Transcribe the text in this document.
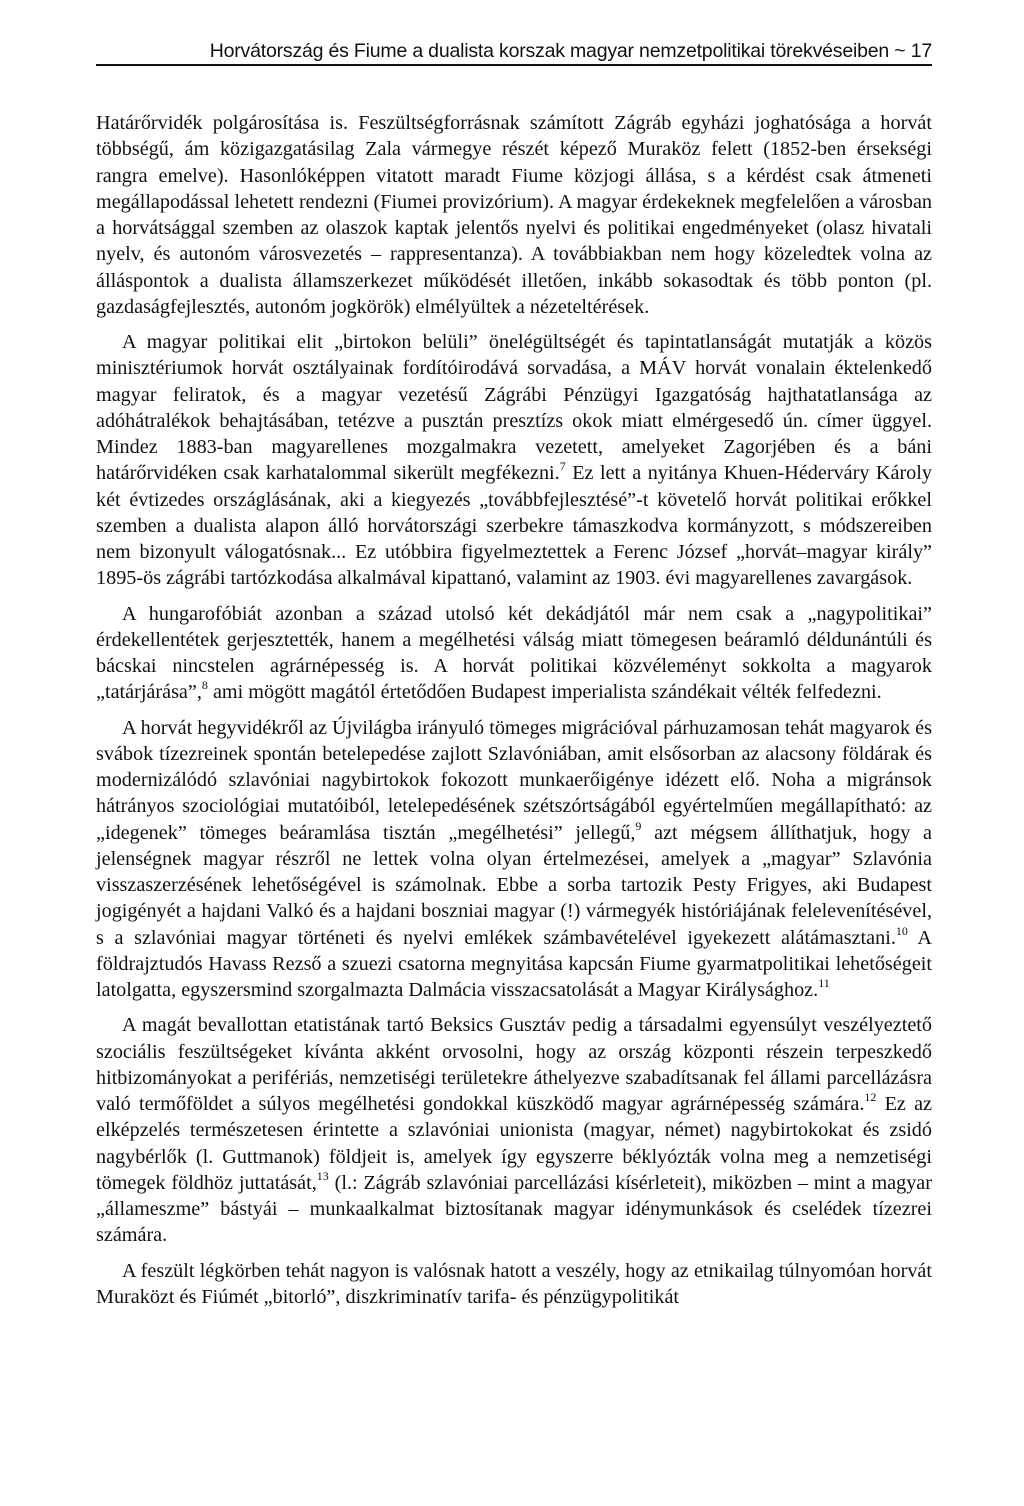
Horvátország és Fiume a dualista korszak magyar nemzetpolitikai törekvéseiben ~ 17

Határőrvidék polgárosítása is. Feszültségforrásnak számított Zágráb egyházi joghatósága a horvát többségű, ám közigazgatásilag Zala vármegye részét képező Muraköz felett (1852-ben érsekségi rangra emelve). Hasonlóképpen vitatott maradt Fiume közjogi állása, s a kérdést csak átmeneti megállapodással lehetett rendezni (Fiumei provizórium). A magyar érdekeknek megfelelően a városban a horvátsággal szemben az olaszok kaptak jelentős nyelvi és politikai engedményeket (olasz hivatali nyelv, és autonóm városvezetés – rappresentanza). A továbbiakban nem hogy közeledtek volna az álláspontok a dualista államszerkezet működését illetően, inkább sokasodtak és több ponton (pl. gazdaságfejlesztés, autonóm jogkörök) elmélyültek a nézeteltérések.

A magyar politikai elit „birtokon belüli” önelégültségét és tapintatlanságát mutatják a közös minisztériumok horvát osztályainak fordítóirodává sorvadása, a MÁV horvát vonalain éktelenkedő magyar feliratok, és a magyar vezetésű Zágrábi Pénzügyi Igazgatóság hajthatatlansága az adóhátralékok behajtásában, tetézve a pusztán presztízs okok miatt elmérgesedő ún. címer üggyel. Mindez 1883-ban magyarellenes mozgalmakra vezetett, amelyeket Zagorjében és a báni határőrvidéken csak karhatalommal sikerült megfékezni.$^7$ Ez lett a nyitánya Khuen-Héderváry Károly két évtizedes országlásának, aki a kiegyezés „továbbfejlesztésé”-t követelő horvát politikai erőkkel szemben a dualista alapon álló horvátországi szerbekre támaszkodva kormányzott, s módszereiben nem bizonyult válogatósnak... Ez utóbbira figyelmeztettek a Ferenc József „horvát–magyar király” 1895-ös zágrábi tartózkodása alkalmával kipattanó, valamint az 1903. évi magyarellenes zavargások.

A hungarofóbiát azonban a század utolsó két dekádjától már nem csak a „nagypolitikai” érdekellentétek gerjesztették, hanem a megélhetési válság miatt tömegesen beáramló déldunántúli és bácskai nincstelen agrárnépesség is. A horvát politikai közvéleményt sokkolta a magyarok „tatárjárása”,$^8$ ami mögött magától értetődően Budapest imperialista szándékait vélték felfedezni.

A horvát hegyvidékről az Újvilágba irányuló tömeges migrációval párhuzamosan tehát magyarok és svábok tízezreinek spontán betelepedése zajlott Szlavóniában, amit elsősorban az alacsony földárak és modernizálódó szlavóniai nagybirtokok fokozott munkaerőigénye idézett elő. Noha a migránsok hátrányos szociológiai mutatóiból, letelepedésének szétszórtságából egyértelműen megállapítható: az „idegenek” tömeges beáramlása tisztán „megélhetési” jellegű,$^9$ azt mégsem állíthatjuk, hogy a jelenségnek magyar részről ne lettek volna olyan értelmezései, amelyek a „magyar” Szlavónia visszaszerzésének lehetőségével is számolnak. Ebbe a sorba tartozik Pesty Frigyes, aki Budapest jogigényét a hajdani Valkó és a hajdani boszniai magyar (!) vármegyék históriájának felelevenítésével, s a szlavóniai magyar történeti és nyelvi emlékek számbavételével igyekezett alátámasztani.$^{10}$ A földrajztudós Havass Rezső a szuezi csatorna megnyitása kapcsán Fiume gyarmatpolitikai lehetőségeit latolgatta, egyszersmind szorgalmazta Dalmácia visszacsatolását a Magyar Királysághoz.$^{11}$

A magát bevallottan etatistának tartó Beksics Gusztáv pedig a társadalmi egyensúlyt veszélyeztető szociális feszültségeket kívánta akként orvosolni, hogy az ország központi részein terpeszkedő hitbizományokat a perifériás, nemzetiségi területekre áthelyezve szabadítsanak fel állami parcellázásra való termőföldet a súlyos megélhetési gondokkal küszködő magyar agrárnépesség számára.$^{12}$ Ez az elképzelés természetesen érintette a szlavóniai unionista (magyar, német) nagybirtokokat és zsidó nagybérlők (l. Guttmanok) földjeit is, amelyek így egyszerre béklyózták volna meg a nemzetiségi tömegek földhöz juttatását,$^{13}$ (l.: Zágráb szlavóniai parcellázási kísérleteit), miközben – mint a magyar „állameszme” bástyái – munkaalkalmat biztosítanak magyar idénymunkások és cselédek tízezrei számára.

A feszült légkörben tehát nagyon is valósnak hatott a veszély, hogy az etnikailag túlnyomóan horvát Muraközt és Fiúmét „bitorló”, diszkriminatív tarifa- és pénzügypolitikát
